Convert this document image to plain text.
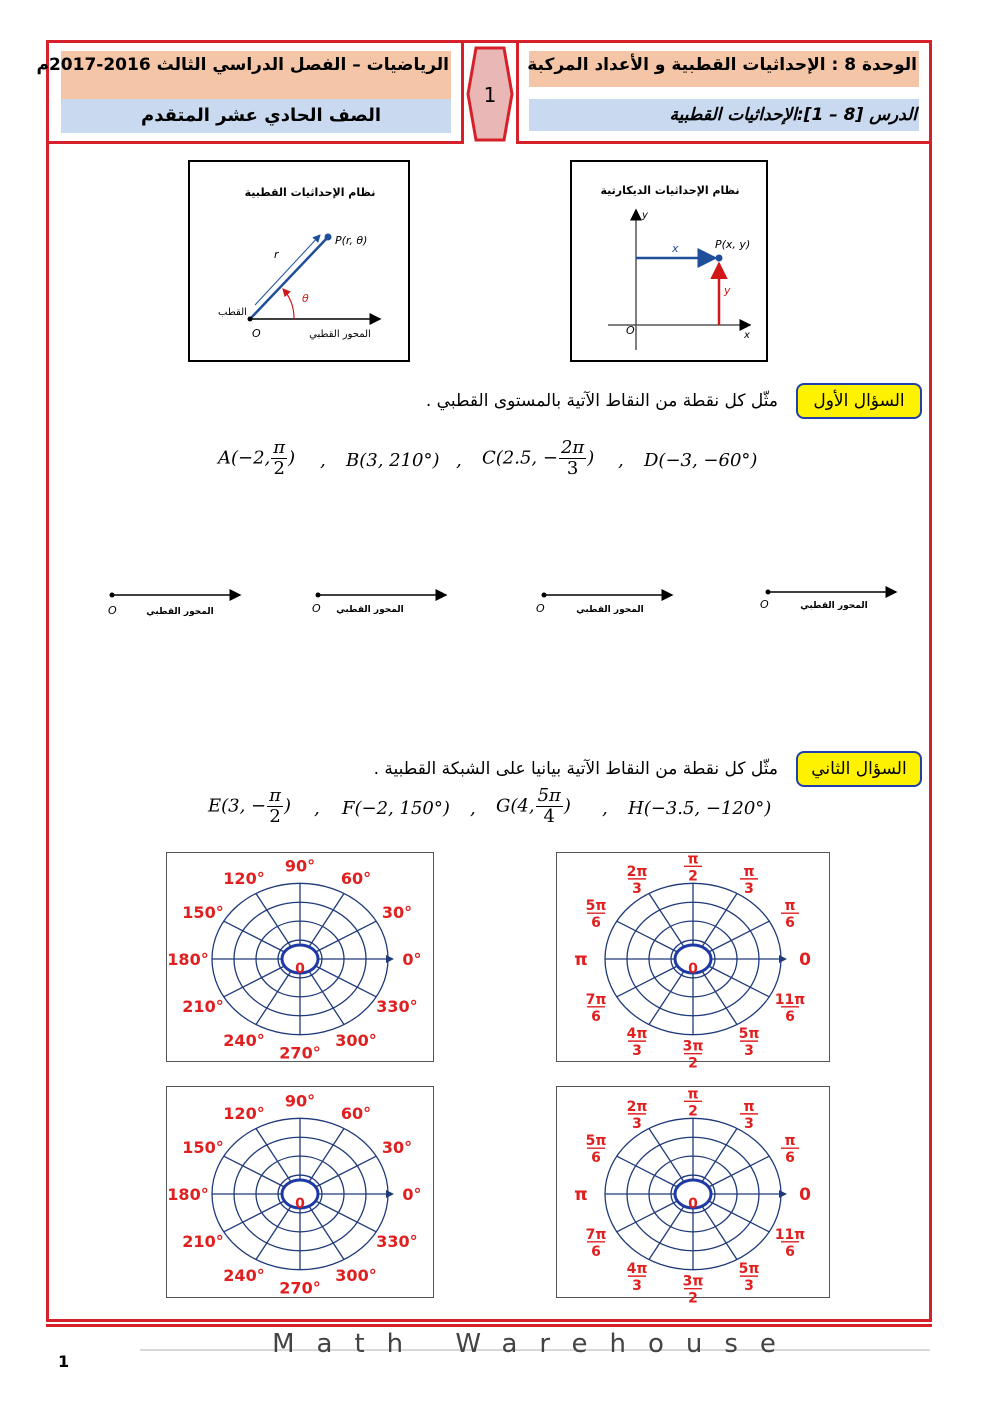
الوحدة 8 : الإحداثيات القطبية و الأعداد المركبة
الدرس [8 – 1]:الإحداثيات القطبية
الرياضيات – الفصل الدراسي الثالث 2016-2017م
الصف الحادي عشر المتقدم
1
نظام الإحداثيات القطبية
P(r, θ)
r
θ
القطب
O	المحور القطبي
نظام الإحداثيات الديكارتية
P(x, y)
x
y
O	x
y
السؤال الأول
مثّل كل نقطة من النقاط الآتية بالمستوى القطبي .
A(−2, $\frac{\pi}{2}$ ) , B(3, 210°) , C(2.5, − $\frac{2\pi}{3}$ ) , D(−3, −60°)
O	المحور القطبي	O المحور القطبي	O	المحور القطبي	O	المحور القطبي
السؤال الثاني
مثّل كل نقطة من النقاط الآتية بيانيا على الشبكة القطبية .
E(3, − $\frac{\pi}{2}$ ) , F(−2, 150°) , G(4, $\frac{5\pi}{4}$ ) , H(−3.5, −120°)
0°
30°
60°
90°
120°
150°
180°
210°
240°
270°
300°
330°
0	0
π
6
π
3
π
2
2π
3
5π
6
π
7π
6
4π
3	3π
2
5π
3
11π
6
0
0°
30°
60°
90°
120°
150°
180°
210°
240°
270°
300°
330°
0	0
π
6
π
3
π
2
2π
3
5π
6
π
7π
6
4π
3	3π
2
5π
3
11π
6
0
Math Warehouse
1
